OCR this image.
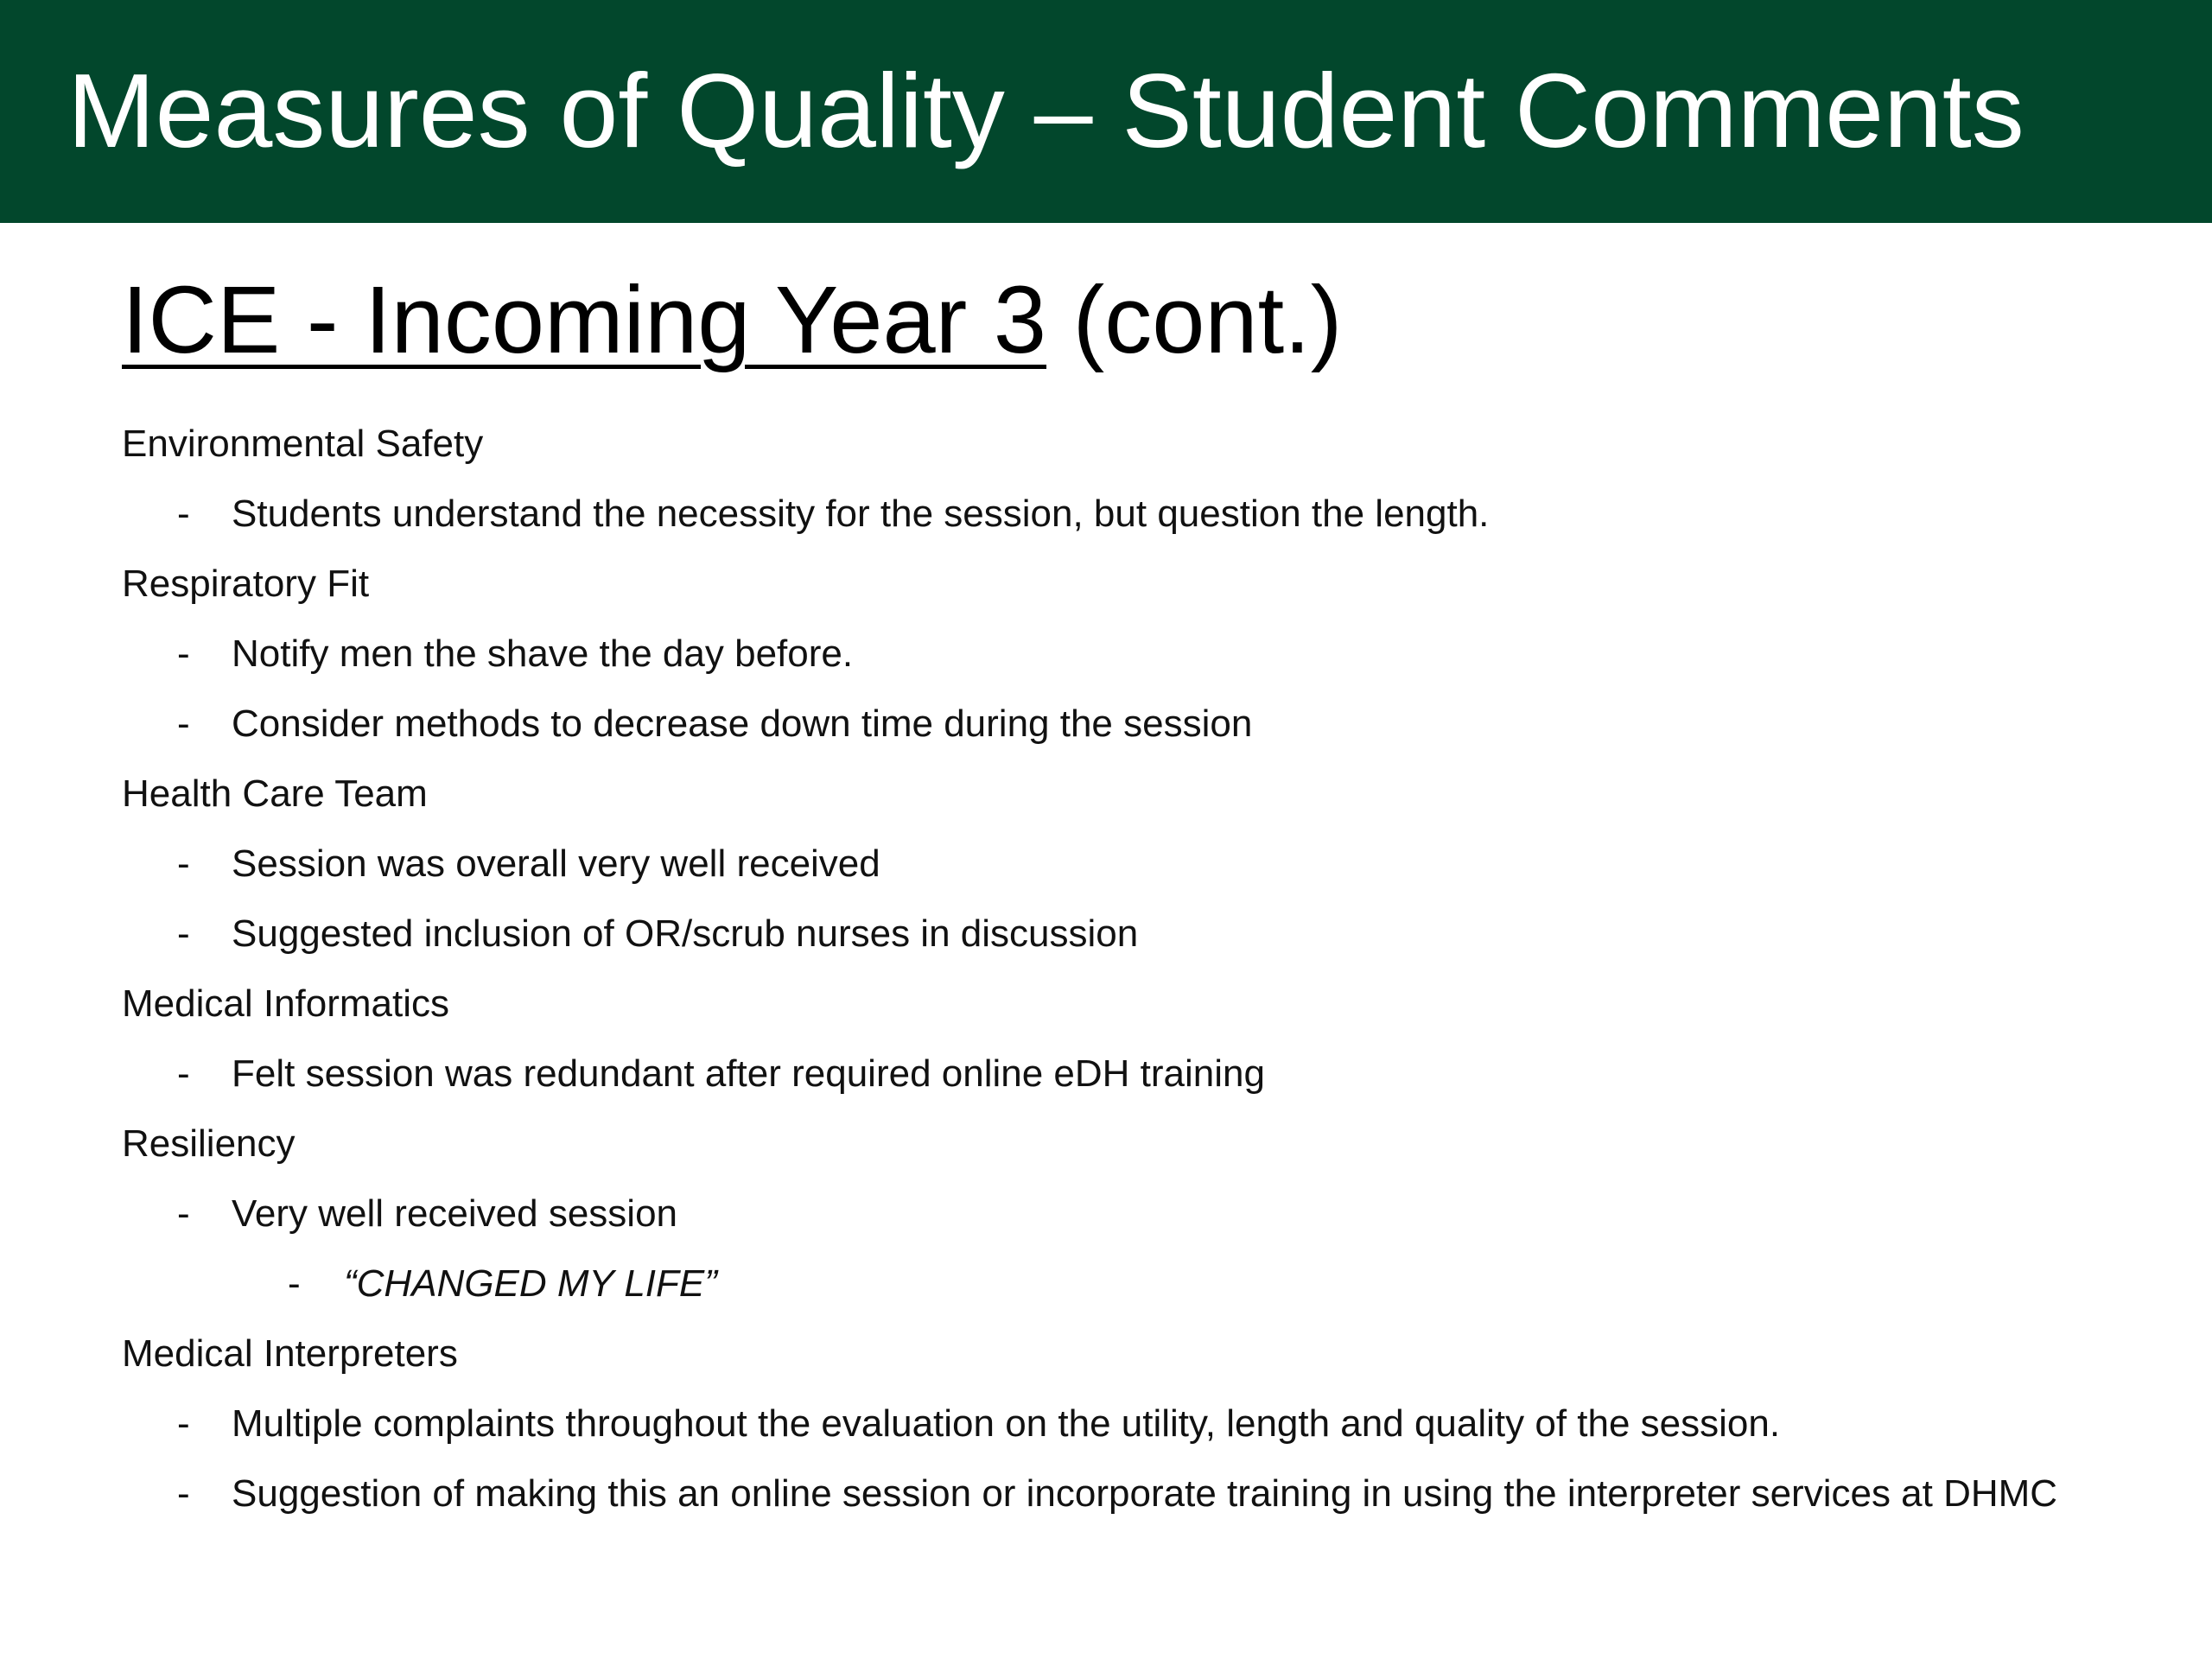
Measures of Quality – Student Comments
ICE - Incoming Year 3 (cont.)
Environmental Safety
- Students understand the necessity for the session, but question the length.
Respiratory Fit
- Notify men the shave the day before.
- Consider methods to decrease down time during the session
Health Care Team
- Session was overall very well received
- Suggested inclusion of OR/scrub nurses in discussion
Medical Informatics
- Felt session was redundant after required online eDH training
Resiliency
- Very well received session
- “CHANGED MY LIFE”
Medical Interpreters
- Multiple complaints throughout the evaluation on the utility, length and quality of the session.
- Suggestion of making this an online session or incorporate training in using the interpreter services at DHMC
